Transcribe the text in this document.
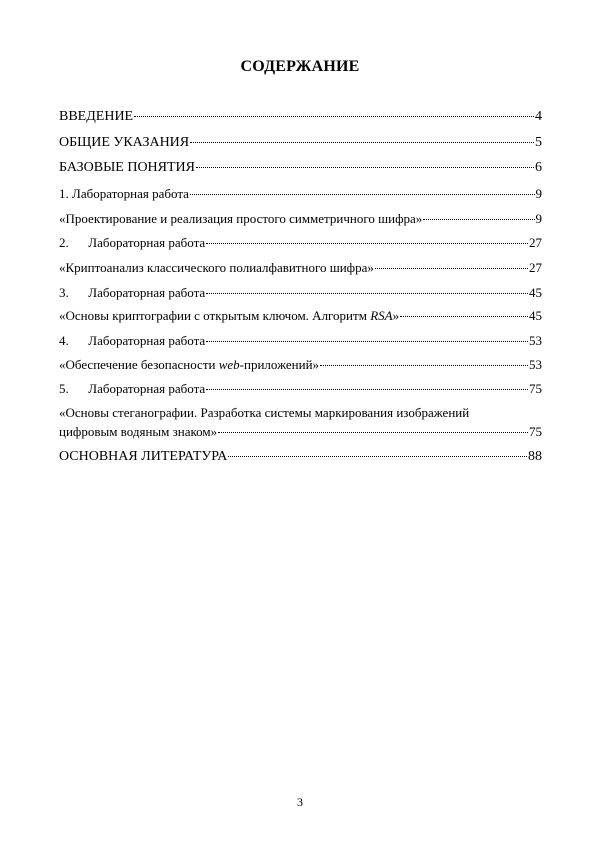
СОДЕРЖАНИЕ
ВВЕДЕНИЕ	4
ОБЩИЕ УКАЗАНИЯ	5
БАЗОВЫЕ ПОНЯТИЯ	6
1. Лабораторная работа	9
«Проектирование и реализация простого симметричного шифра»	9
2. Лабораторная работа	27
«Криптоанализ классического полиалфавитного шифра»	27
3. Лабораторная работа	45
«Основы криптографии с открытым ключом. Алгоритм RSA»	45
4. Лабораторная работа	53
«Обеспечение безопасности web-приложений»	53
5. Лабораторная работа	75
«Основы стеганографии. Разработка системы маркирования изображений
цифровым водяным знаком»	75
ОСНОВНАЯ ЛИТЕРАТУРА	88
3
